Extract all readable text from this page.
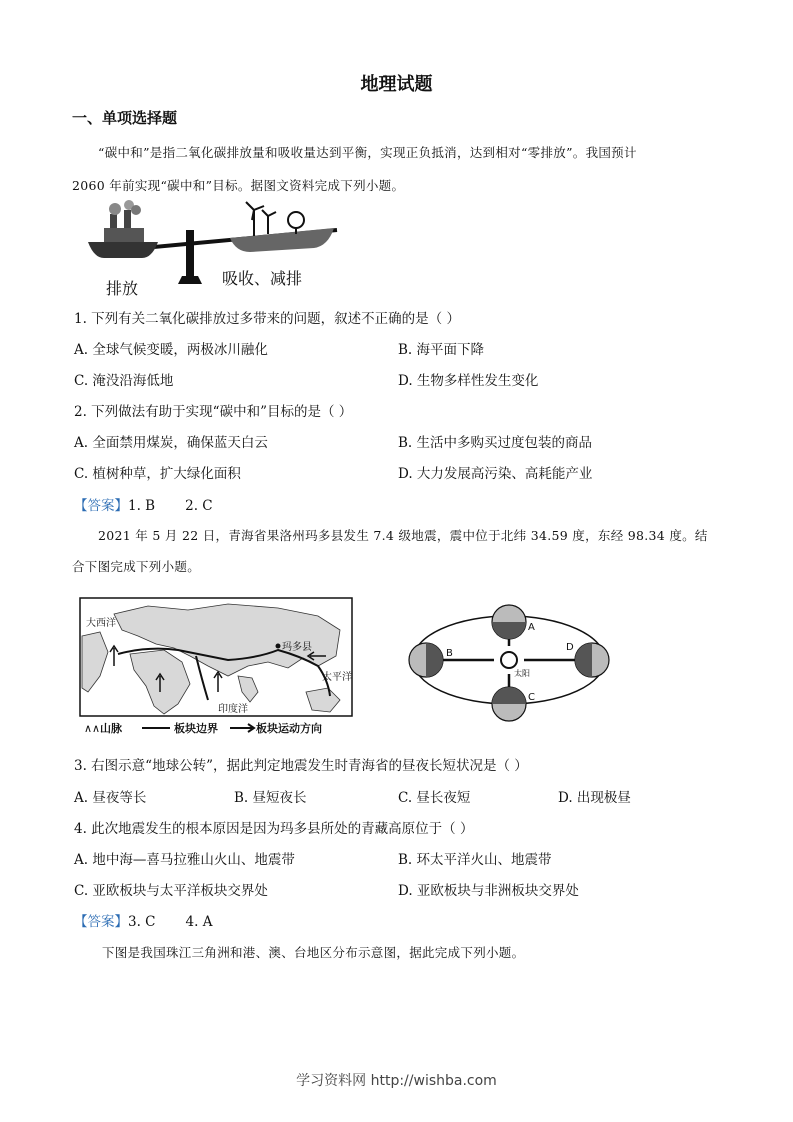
地理试题
一、单项选择题
“碳中和”是指二氧化碳排放量和吸收量达到平衡，实现正负抵消，达到相对“零排放”。我国预计
2060 年前实现“碳中和”目标。据图文资料完成下列小题。
排放
吸收、减排
1. 下列有关二氧化碳排放过多带来的问题，叙述不正确的是（ ）
A. 全球气候变暖，两极冰川融化	B. 海平面下降
C. 淹没沿海低地	D. 生物多样性发生变化
2. 下列做法有助于实现“碳中和”目标的是（ ）
A. 全面禁用煤炭，确保蓝天白云	B. 生活中多购买过度包装的商品
C. 植树种草，扩大绿化面积	D. 大力发展高污染、高耗能产业
【答案】1. B       2. C
2021 年 5 月 22 日，青海省果洛州玛多县发生 7.4 级地震，震中位于北纬 34.59 度，东经 98.34 度。结
合下图完成下列小题。
玛多县
大西洋
太平洋
印度洋
∧∧ 山脉	板块边界	板块运动方向
太阳
A
B
C
D
3. 右图示意“地球公转”，据此判定地震发生时青海省的昼夜长短状况是（ ）
A. 昼夜等长	B. 昼短夜长	C. 昼长夜短	D. 出现极昼
4. 此次地震发生的根本原因是因为玛多县所处的青藏高原位于（ ）
A. 地中海—喜马拉雅山火山、地震带	B. 环太平洋火山、地震带
C. 亚欧板块与太平洋板块交界处	D. 亚欧板块与非洲板块交界处
【答案】3. C       4. A
下图是我国珠江三角洲和港、澳、台地区分布示意图，据此完成下列小题。
学习资料网 http://wishba.com
